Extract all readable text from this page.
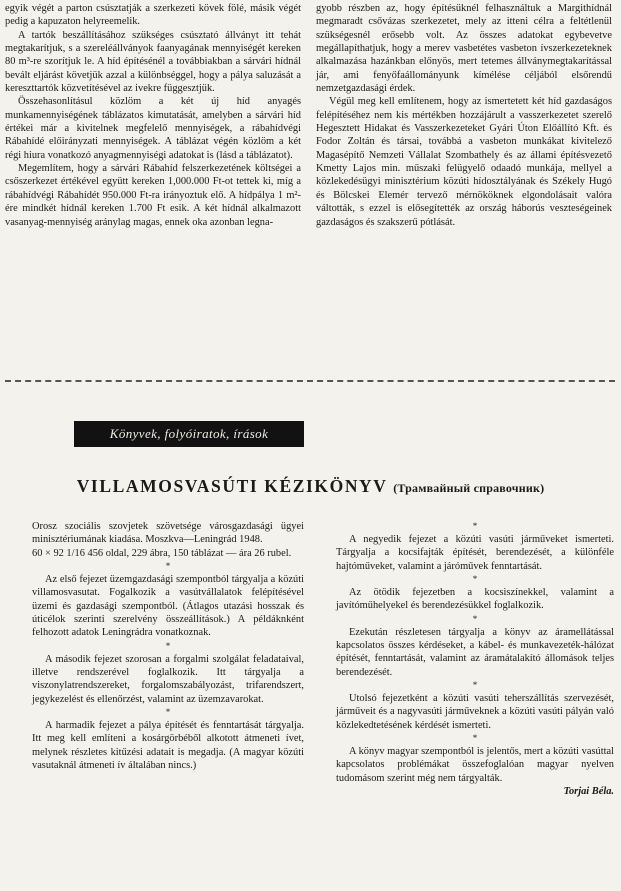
egyik végét a parton csúsztatják a szerkezeti kövek fölé, másik végét pedig a kapuzaton helyreemelik.

A tartók beszállításához szükséges csúsztató állványt itt tehát megtakarítjuk, s a szereléállványok faanyagának mennyiségét kereken 80 m³-re szorítjuk le. A híd építésénél a továbbiakban a sárvári hídnál bevált eljárást követjük azzal a különbséggel, hogy a pálya saluzását a kereszttartók közvetítésével az ivekre függesztjük.

Összehasonlításul közlöm a két új híd anyagés munkamennyiségének táblázatos kimutatását, amelyben a sárvári híd értékei már a kivitelnek megfelelő mennyiségek, a rábahídvégi Rábahídé előirányzati mennyiségek. A táblázat végén közlöm a két régi hiura vonatkozó anyagmennyiségi adatokat is (lásd a táblázatot).

Megemlítem, hogy a sárvári Rábahíd felszerkezetének költségei a csőszerkezet értékével együtt kereken 1,000.000 Ft-ot tettek ki, míg a rábahídvégi Rábahídét 950.000 Ft-ra irányoztuk elő. A hídpálya 1 m²-ére mindkét hídnál kereken 1.700 Ft esik. A két hídnál alkalmazott vasanyag-mennyiség aránylag magas, ennek oka azonban legna-

gyobb részben az, hogy építésüknél felhasználtuk a Margithídnál megmaradt csővázas szerkezetet, mely az itteni célra a feltétlenül szükségesnél erősebb volt. Az összes adatokat egybevetve megállapíthatjuk, hogy a merev vasbetétes vasbeton ívszerkezeteknek alkalmazása hazánkban előnyös, mert tetemes állványmegtakarítással jár, ami fenyőfaállományunk kímélése céljából elsőrendű nemzetgazdasági érdek.

Végül meg kell említenem, hogy az ismertetett két híd gazdaságos felépítéséhez nem kis mértékben hozzájárult a vasszerkezetet szerelő Hegesztett Hidakat és Vasszerkezeteket Gyári Úton Előállító Kft. és Fodor Zoltán és társai, továbbá a vasbeton munkákat kivitelező Magasépítő Nemzeti Vállalat Szombathely és az állami építésvezető Kmetty Lajos min. műszaki felügyelő odaadó munkája, mellyel a közlekedésügyi minisztérium közúti hídosztályának és Székely Hugó és Bölcskei Elemér tervező mérnököknek elgondolásait valóra váltották, s ezzel is elősegítették az ország háborús veszteségeinek gazdaságos és szakszerű pótlását.

Könyvek, folyóiratok, írások
VILLAMOSVASÚTI KÉZIKÖNYV (Трамвайный справочник)

Orosz szociális szovjetek szövetsége városgazdasági ügyei minisztériumának kiadása. Moszkva—Leningrád 1948.

60 × 92 1/16 456 oldal, 229 ábra, 150 táblázat — ára 26 rubel.

*

Az első fejezet üzemgazdasági szempontból tárgyalja a közúti villamosvasutat. Fogalkozik a vasútvállalatok felépítésével üzemi és gazdasági szempontból. (Átlagos utazási hosszak és úticélok szerinti szerelvény összeállítások.) A példáknként felhozott adatok Leningrádra vonatkoznak.

*

A második fejezet szorosan a forgalmi szolgálat feladataival, illetve rendszerével foglalkozik. Itt tárgyalja a viszonylatrendszereket, forgalomszabályozást, trifarendszert, jegykezelést és ellenőrzést, valamint az üzemzavarokat.

*

A harmadik fejezet a pálya építését és fenntartását tárgyalja. Itt meg kell említeni a kosárgörbéből alkotott átmeneti ívet, melynek részletes kitűzési adatait is megadja. (A magyar közúti vasutaknál átmeneti ív általában nincs.)

*

A negyedik fejezet a közúti vasúti járműveket ismerteti. Tárgyalja a kocsifajták építését, berendezését, a különféle hajtóműveket, valamint a járóművek fenntartását.

*

Az ötödik fejezetben a kocsiszínekkel, valamint a javítóműhelyekel és berendezésükkel foglalkozik.

*

Ezekután részletesen tárgyalja a könyv az áramellátással kapcsolatos összes kérdéseket, a kábel- és munkavezeték-hálózat építését, fenntartását, valamint az áramátalakító állomások teljes berendezését.

*

Utolsó fejezetként a közúti vasúti teherszállítás szervezését, járműveit és a nagyvasúti járműveknek a közúti vasúti pályán való közlekedtetésének kérdését ismerteti.

*

A könyv magyar szempontból is jelentős, mert a közúti vasúttal kapcsolatos problémákat összefoglalóan magyar nyelven tudomásom szerint még nem tárgyalták.

Torjai Béla.
